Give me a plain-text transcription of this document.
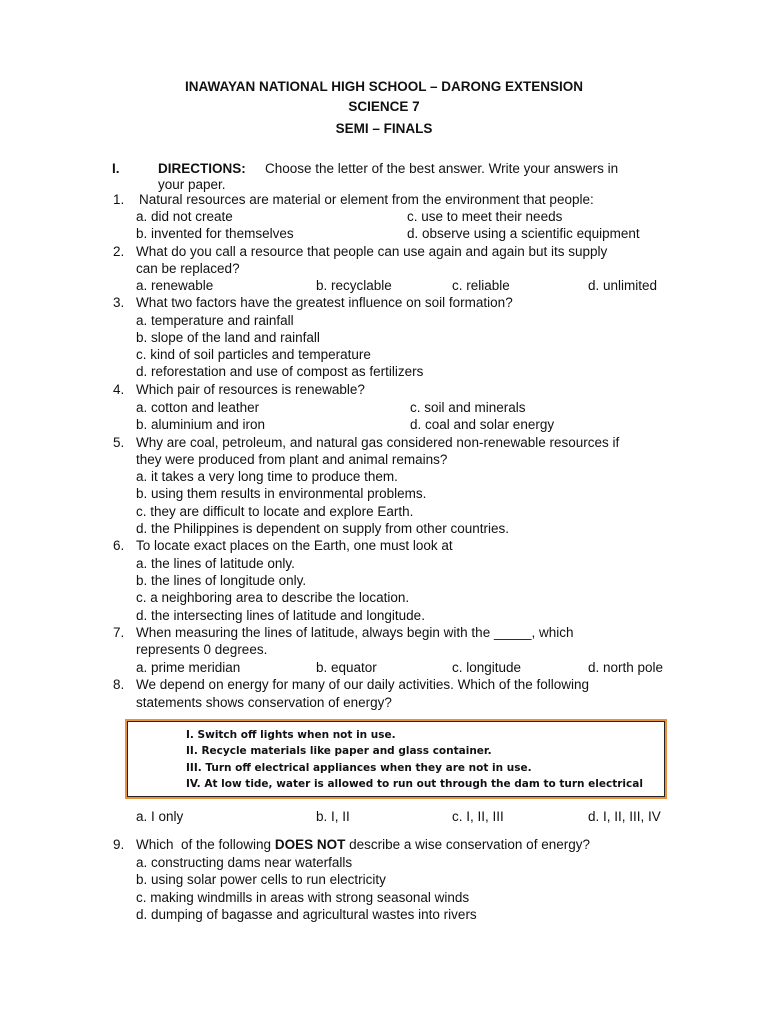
INAWAYAN NATIONAL HIGH SCHOOL – DARONG EXTENSION
SCIENCE 7
SEMI – FINALS
I.	DIRECTIONS: Choose the letter of the best answer. Write your answers in
your paper.
1. Natural resources are material or element from the environment that people:
a. did not create	c. use to meet their needs
b. invented for themselves	d. observe using a scientific equipment
2. What do you call a resource that people can use again and again but its supply
can be replaced?
a. renewable	b. recyclable	c. reliable	d. unlimited
3. What two factors have the greatest influence on soil formation?
a. temperature and rainfall
b. slope of the land and rainfall
c. kind of soil particles and temperature
d. reforestation and use of compost as fertilizers
4. Which pair of resources is renewable?
a. cotton and leather	c. soil and minerals
b. aluminium and iron	d. coal and solar energy
5. Why are coal, petroleum, and natural gas considered non-renewable resources if
they were produced from plant and animal remains?
a. it takes a very long time to produce them.
b. using them results in environmental problems.
c. they are difficult to locate and explore Earth.
d. the Philippines is dependent on supply from other countries.
6. To locate exact places on the Earth, one must look at
a. the lines of latitude only.
b. the lines of longitude only.
c. a neighboring area to describe the location.
d. the intersecting lines of latitude and longitude.
7. When measuring the lines of latitude, always begin with the _____, which
represents 0 degrees.
a. prime meridian	b. equator	c. longitude	d. north pole
8. We depend on energy for many of our daily activities. Which of the following
statements shows conservation of energy?
I. Switch off lights when not in use.
II. Recycle materials like paper and glass container.
III. Turn off electrical appliances when they are not in use.
IV. At low tide, water is allowed to run out through the dam to turn electrical
a. I only	b. I, II	c. I, II, III	d. I, II, III, IV
9. Which  of the following DOES NOT describe a wise conservation of energy?
a. constructing dams near waterfalls
b. using solar power cells to run electricity
c. making windmills in areas with strong seasonal winds
d. dumping of bagasse and agricultural wastes into rivers
